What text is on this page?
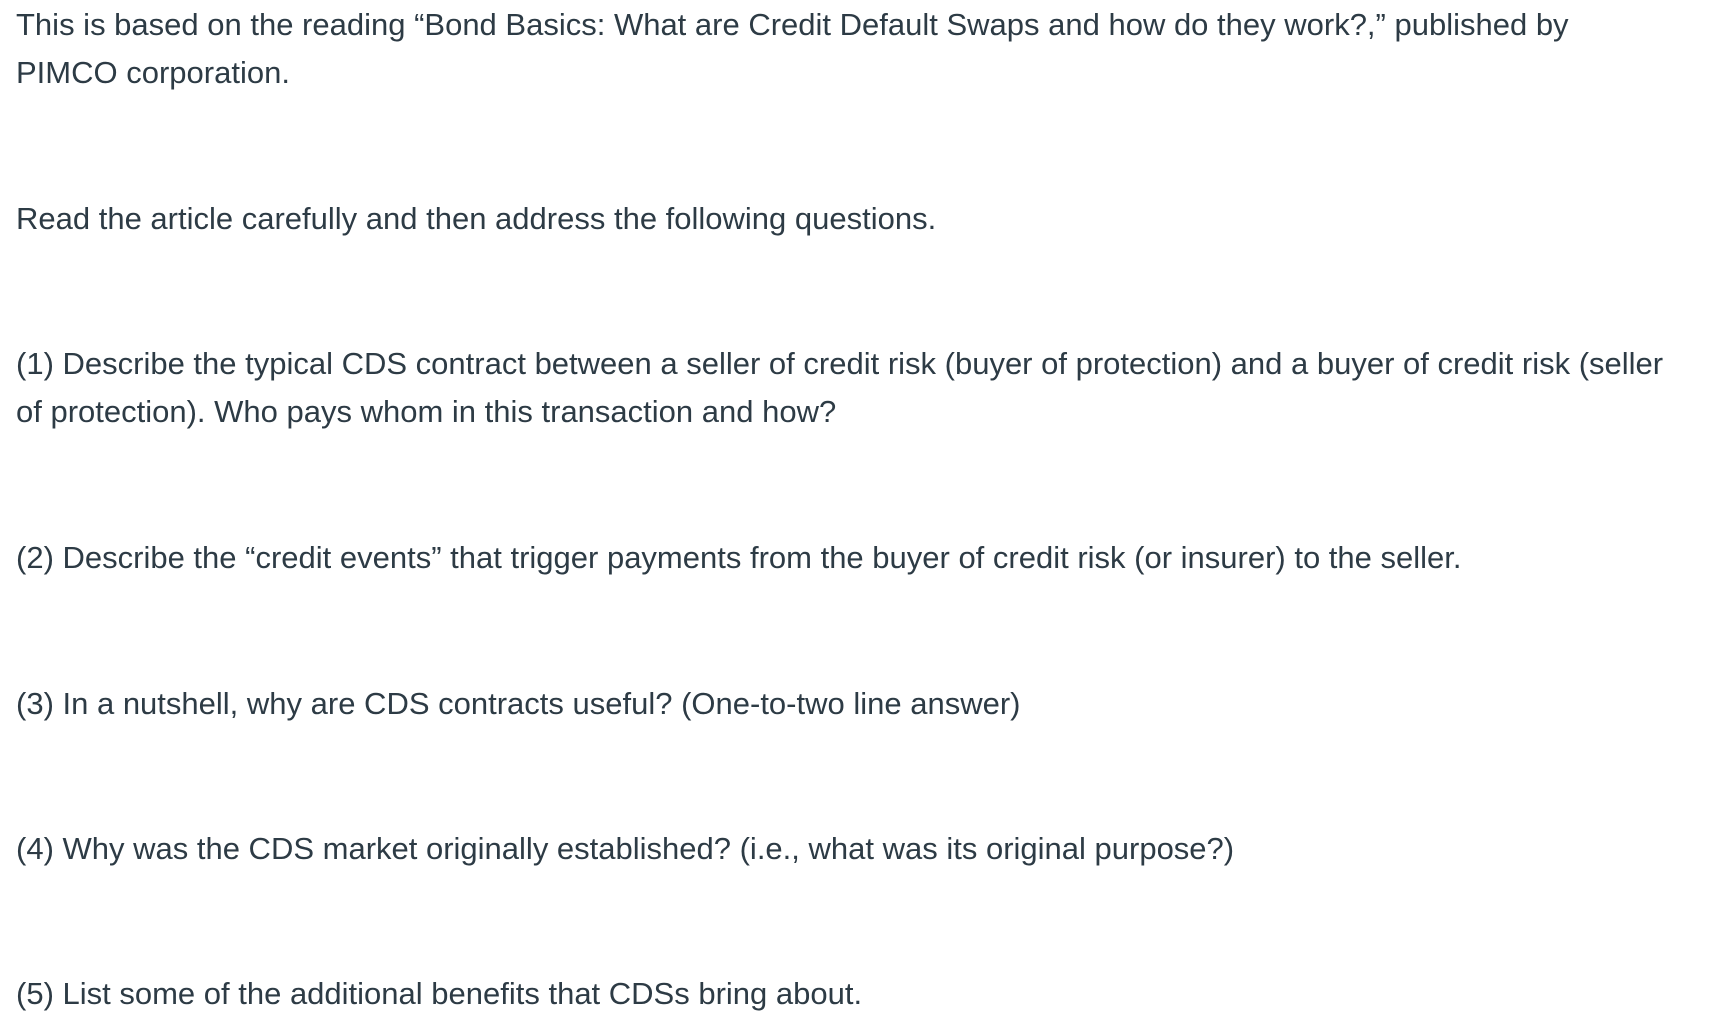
This is based on the reading “Bond Basics: What are Credit Default Swaps and how do they work?,” published by PIMCO corporation.

Read the article carefully and then address the following questions.

(1) Describe the typical CDS contract between a seller of credit risk (buyer of protection) and a buyer of credit risk (seller of protection). Who pays whom in this transaction and how?

(2) Describe the “credit events” that trigger payments from the buyer of credit risk (or insurer) to the seller.

(3) In a nutshell, why are CDS contracts useful? (One-to-two line answer)

(4) Why was the CDS market originally established? (i.e., what was its original purpose?)

(5) List some of the additional benefits that CDSs bring about.
